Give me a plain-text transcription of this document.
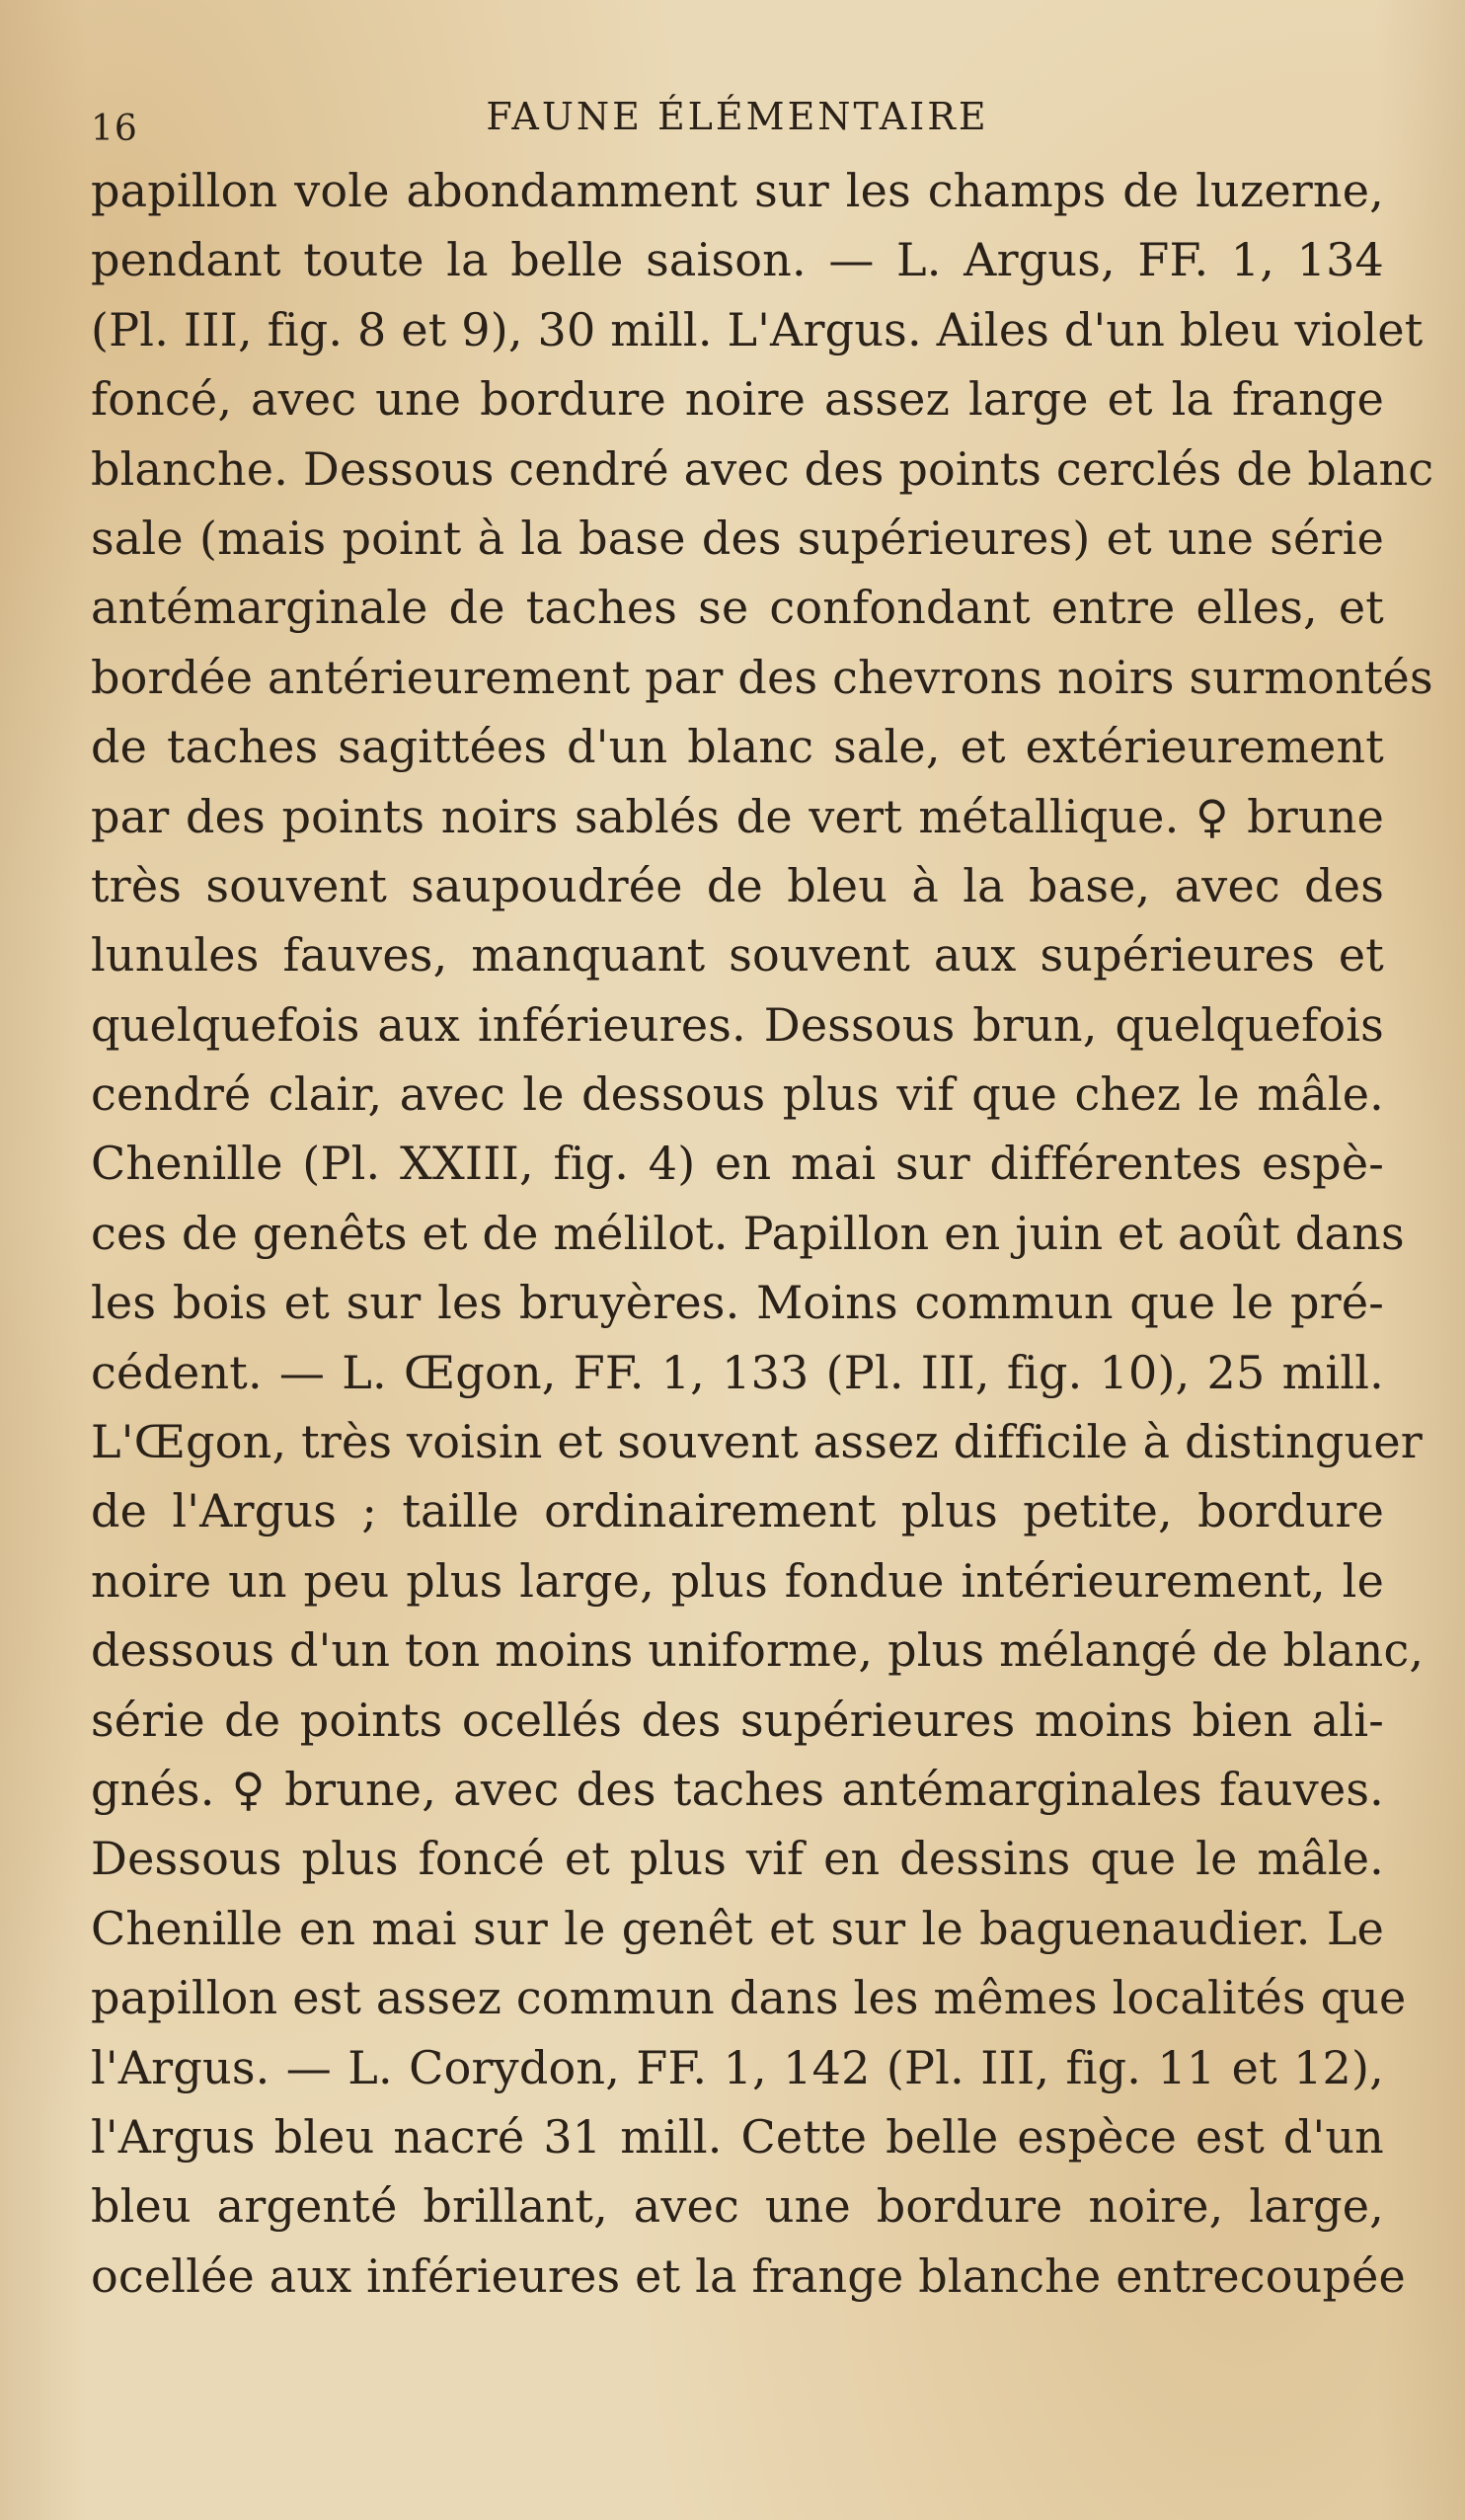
16	FAUNE ÉLÉMENTAIRE
papillon vole abondamment sur les champs de luzerne,
pendant toute la belle saison. — L. Argus, FF. 1, 134
(Pl. III, fig. 8 et 9), 30 mill. L'Argus. Ailes d'un bleu violet
foncé, avec une bordure noire assez large et la frange
blanche. Dessous cendré avec des points cerclés de blanc
sale (mais point à la base des supérieures) et une série
antémarginale de taches se confondant entre elles, et
bordée antérieurement par des chevrons noirs surmontés
de taches sagittées d'un blanc sale, et extérieurement
par des points noirs sablés de vert métallique. ♀ brune
très souvent saupoudrée de bleu à la base, avec des
lunules fauves, manquant souvent aux supérieures et
quelquefois aux inférieures. Dessous brun, quelquefois
cendré clair, avec le dessous plus vif que chez le mâle.
Chenille (Pl. XXIII, fig. 4) en mai sur différentes espè-
ces de genêts et de mélilot. Papillon en juin et août dans
les bois et sur les bruyères. Moins commun que le pré-
cédent. — L. Œgon, FF. 1, 133 (Pl. III, fig. 10), 25 mill.
L'Œgon, très voisin et souvent assez difficile à distinguer
de l'Argus ; taille ordinairement plus petite, bordure
noire un peu plus large, plus fondue intérieurement, le
dessous d'un ton moins uniforme, plus mélangé de blanc,
série de points ocellés des supérieures moins bien ali-
gnés. ♀ brune, avec des taches antémarginales fauves.
Dessous plus foncé et plus vif en dessins que le mâle.
Chenille en mai sur le genêt et sur le baguenaudier. Le
papillon est assez commun dans les mêmes localités que
l'Argus. — L. Corydon, FF. 1, 142 (Pl. III, fig. 11 et 12),
l'Argus bleu nacré 31 mill. Cette belle espèce est d'un
bleu argenté brillant, avec une bordure noire, large,
ocellée aux inférieures et la frange blanche entrecoupée
